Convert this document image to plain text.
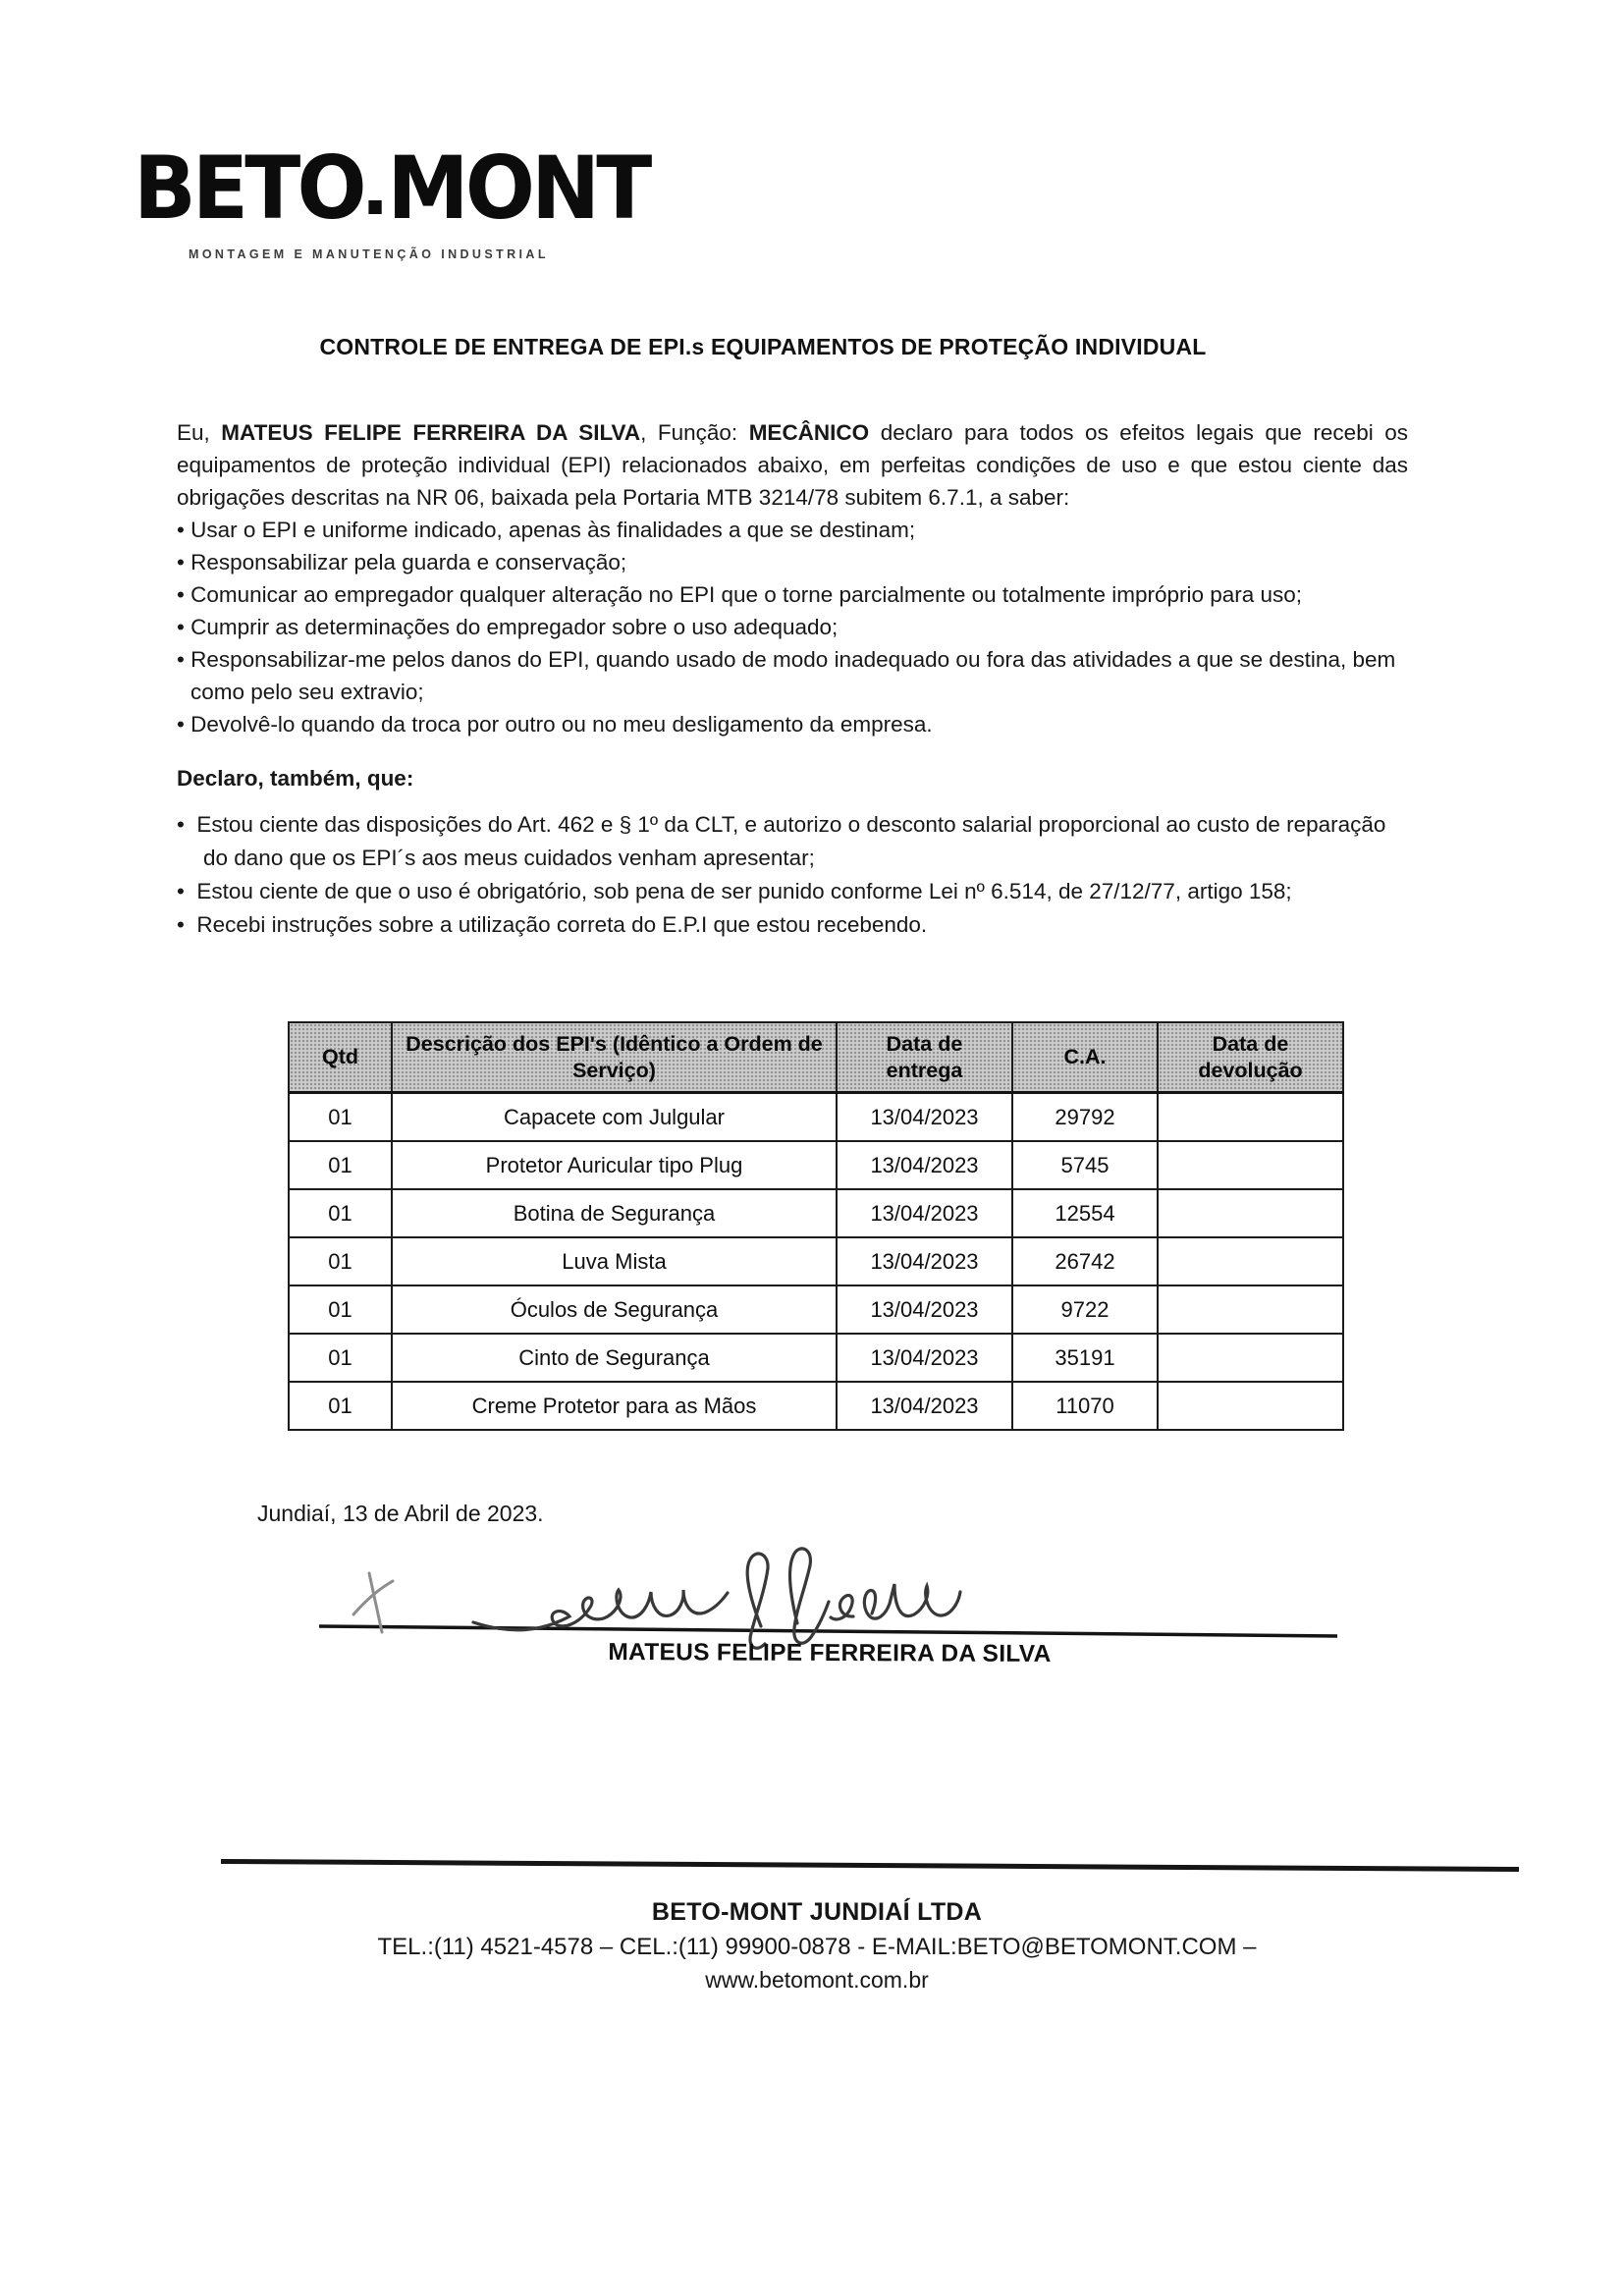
BETO MONT
MONTAGEM E MANUTENÇÃO INDUSTRIAL
CONTROLE DE ENTREGA DE EPI.s EQUIPAMENTOS DE PROTEÇÃO INDIVIDUAL

Eu, MATEUS FELIPE FERREIRA DA SILVA, Função: MECÂNICO declaro para todos os efeitos legais que recebi os equipamentos de proteção individual (EPI) relacionados abaixo, em perfeitas condições de uso e que estou ciente das obrigações descritas na NR 06, baixada pela Portaria MTB 3214/78 subitem 6.7.1, a saber:

• Usar o EPI e uniforme indicado, apenas às finalidades a que se destinam;
• Responsabilizar pela guarda e conservação;
• Comunicar ao empregador qualquer alteração no EPI que o torne parcialmente ou totalmente impróprio para uso;
• Cumprir as determinações do empregador sobre o uso adequado;
• Responsabilizar-me pelos danos do EPI, quando usado de modo inadequado ou fora das atividades a que se destina, bem como pelo seu extravio;
• Devolvê-lo quando da troca por outro ou no meu desligamento da empresa.

Declaro, também, que:

•  Estou ciente das disposições do Art. 462 e § 1º da CLT, e autorizo o desconto salarial proporcional ao custo de reparação do dano que os EPI´s aos meus cuidados venham apresentar;
•  Estou ciente de que o uso é obrigatório, sob pena de ser punido conforme Lei nº 6.514, de 27/12/77, artigo 158;
•  Recebi instruções sobre a utilização correta do E.P.I que estou recebendo.
Qtd	Descrição dos EPI's (Idêntico a Ordem de Serviço)	Data de entrega	C.A.	Data de devolução
01	Capacete com Julgular	13/04/2023	29792	
01	Protetor Auricular tipo Plug	13/04/2023	5745	
01	Botina de Segurança	13/04/2023	12554	
01	Luva Mista	13/04/2023	26742	
01	Óculos de Segurança	13/04/2023	9722	
01	Cinto de Segurança	13/04/2023	35191	
01	Creme Protetor para as Mãos	13/04/2023	11070	

Jundiaí, 13 de Abril de 2023.

MATEUS FELIPE FERREIRA DA SILVA
BETO-MONT JUNDIAÍ LTDA
TEL.:(11) 4521-4578 – CEL.:(11) 99900-0878 - E-MAIL:BETO@BETOMONT.COM –
www.betomont.com.br
